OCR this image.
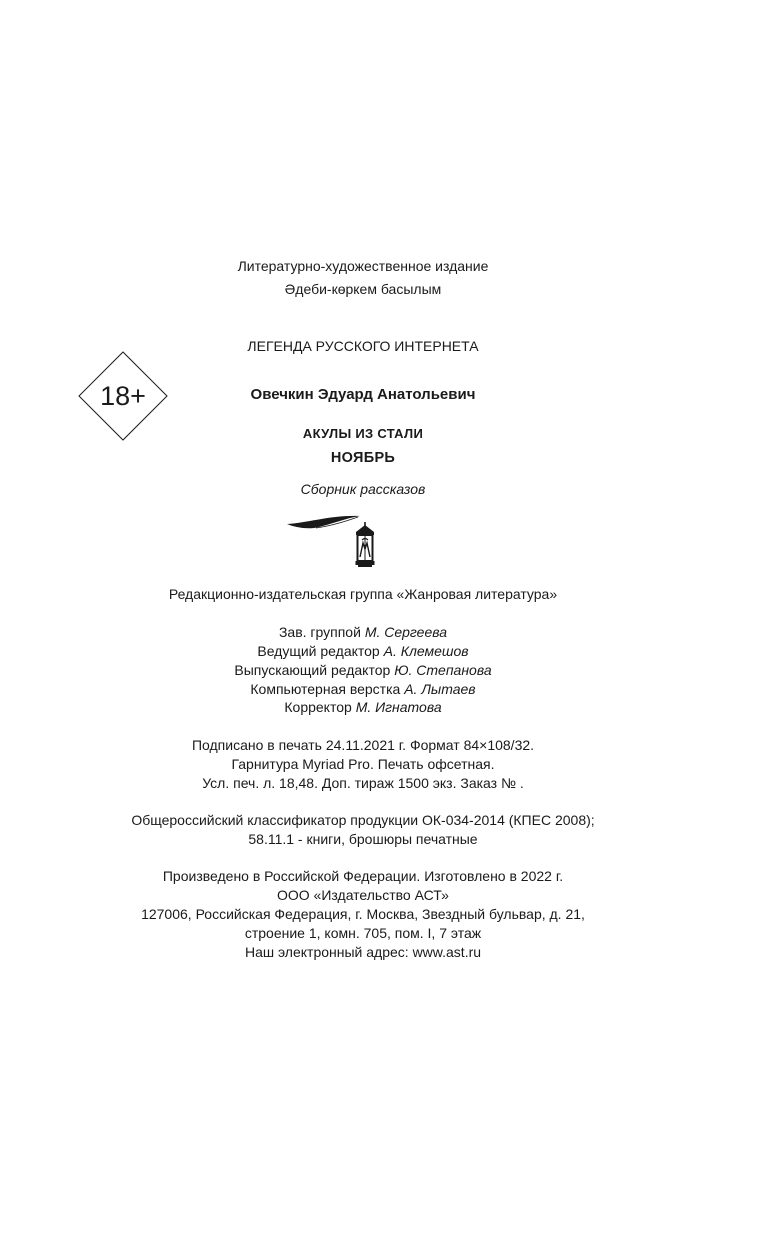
Литературно-художественное издание
Әдеби-көркем басылым
ЛЕГЕНДА РУССКОГО ИНТЕРНЕТА
18+	Овечкин Эдуард Анатольевич
АКУЛЫ ИЗ СТАЛИ
НОЯБРЬ
Сборник рассказов
Редакционно-издательская группа «Жанровая литература»
Зав. группой М. Сергеева
Ведущий редактор А. Клемешов
Выпускающий редактор Ю. Степанова
Компьютерная верстка А. Лытаев
Корректор М. Игнатова
Подписано в печать 24.11.2021 г. Формат 84×108/32.
Гарнитура Myriad Pro. Печать офсетная.
Усл. печ. л. 18,48. Доп. тираж 1500 экз. Заказ № .
Общероссийский классификатор продукции ОК-034-2014 (КПЕС 2008);
58.11.1 - книги, брошюры печатные
Произведено в Российской Федерации. Изготовлено в 2022 г.
ООО «Издательство АСТ»
127006, Российская Федерация, г. Москва, Звездный бульвар, д. 21,
строение 1, комн. 705, пом. I, 7 этаж
Наш электронный адрес: www.ast.ru
